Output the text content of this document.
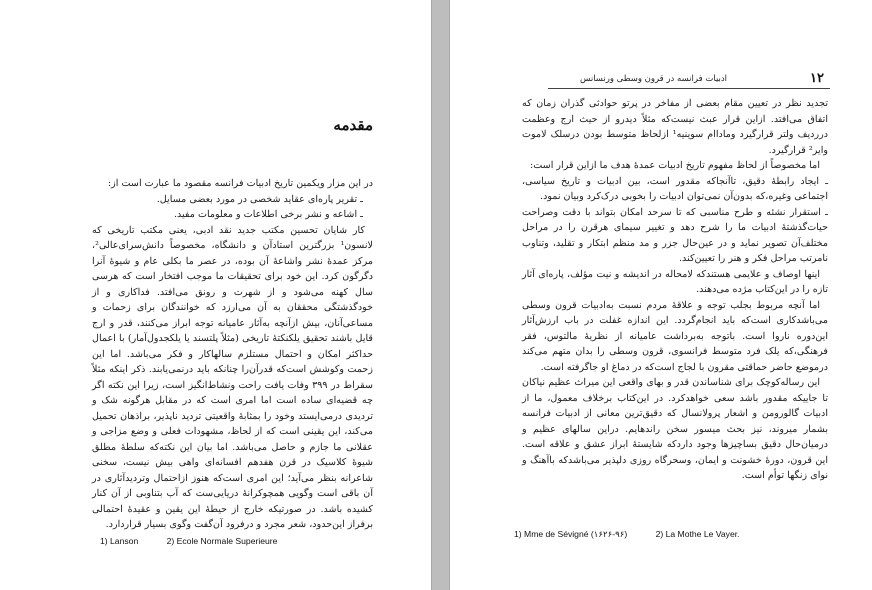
مقدمه

در این مزار ویکمین تاریخ ادبیات فرانسه مقصود ما عبارت است از:

ـ تقریر پاره‌ای عقاید شخصی در مورد بعضی مسایل.

ـ اشاعه و نشر برخی اطلاعات و معلومات مفید.

کار شایان تحسین مکتب جدید نقد ادبی، یعنی مکتب تاریخی که لانسون¹ بزرگترین استادآن و دانشگاه، مخصوصاً دانش‌سرای‌عالی²، مرکز عمدهٔ نشر واشاعهٔ آن بوده، در عصر ما بکلی عام و شیوهٔ آنرا دگرگون کرد. این خود برای تحقیقات ما موجب افتخار است که هرسی سال کهنه می‌شود و از شهرت و رونق می‌افتد. فداکاری و از خودگذشتگی محققان به آن می‌ارزد که خوانندگان برای زحمات و مساعی‌آنان، بیش ازآنچه به‌آثار عامیانه توجه ابراز می‌کنند، قدر و ارج قایل باشند تحقیق یلکنکتهٔ تاریخی (مثلاً پلتسند یا یلکجدول‌آمار) با اعمال حداکثر امکان و احتمال مستلزم سالهاکار و فکر می‌باشد. اما این زحمت وکوشش است‌که قدرآن‌را چنانکه باید درنمی‌یابند. ذکر اینکه مثلاً سقراط در ۳۹۹ وفات یافت راحت ونشاط‌انگیز است، زیرا این نکته اگر چه قضیه‌ای ساده است اما امری است که در مقابل هرگونه شک و تردیدی درمی‌ایستد وخود را بمثابهٔ واقعیتی تردید ناپذیر، براذهان تحمیل می‌کند، این یقینی است که از لحاظ، مشهودات فعلی و وضع مزاجی و عقلانی ما جازم و حاصل می‌باشد. اما بیان این نکته‌که سلطهٔ مطلق شیوهٔ کلاسیک در قرن هفدهم افسانه‌ای واهی بیش نیست، سخنی شاعرانه بنظر می‌آید؛ این امری است‌که هنوز ازاحتمال وتردیدآثاری در آن باقی است وگویی همچوکرانهٔ دریایی‌ست که آب بتناوبی از آن کنار کشیده باشد. در صورتیکه خارج از حیطهٔ این یقین و عقیدهٔ احتمالی برفراز این‌حدود، شعر مجرد و درفرود آن‌گفت وگوی بسیار قراردارد.

1) Lanson	2) Ecole Normale Superieure
۱۲
ادبیات فرانسه در قرون وسطی ورنسانس

تجدید نظر در تعیین مقام بعضی از مفاخر در پرتو حوادثی گذران زمان که اتفاق می‌افتد. ازاین قرار عبث نیست‌که مثلاً دیدرو از حیث ارج وعظمت درردیف ولتر قرارگیرد وماداام سوینیه¹ ازلحاظ متوسط بودن درسلک لاموت وایر² قرارگیرد.

اما مخصوصاً از لحاظ مفهوم تاریخ ادبیات عمدهٔ هدف ما ازاین قرار است:

ـ ایجاد رابطهٔ دقیق، تاآنجاکه مقدور است، بین ادبیات و تاریخ سیاسی، اجتماعی وغیره،که بدون‌آن نمی‌توان ادبیات را بخوبی درک‌کرد وبیان نمود.

ـ استقرار نشئه و طرح مناسبی که تا سرحد امکان بتواند با دقت وصراحت حیات‌گذشتهٔ ادبیات ما را شرح دهد و تغییر سیمای هرقرن را در مراحل مختلف‌آن تصویر نماید و در عین‌حال جزر و مد منظم ابتکار و تقلید، وتناوب نامرتب مراحل فکر و هنر را تعیین‌کند.

اینها اوصاف و علایمی هستند‌که لامحاله در اندیشه و نیت مؤلف، پاره‌ای آثار تازه را در این‌کتاب مژده می‌دهند.

اما آنچه مربوط بجلب توجه و علاقهٔ مردم نسبت به‌ادبیات قرون وسطی می‌باشد‌کاری است‌که باید انجام‌گردد. این اندازه غفلت در باب ارزش‌آثار این‌دوره ناروا است. باتوجه به‌برداشت عامیانه از نظریهٔ مالتوس، فقر فرهنگی،که یلک فرد متوسط فرانسوی، قرون وسطی را بدان متهم می‌کند درموضع حاضر حماقتی مقرون با لجاج است‌که در دماغ او جاگرفته است.

این رساله‌کوچک برای شناساندن قدر و بهای واقعی این میراث عظیم نیاکان تا جاییکه مقدور باشد سعی خواهدکرد. در این‌کتاب برخلاف معمول، ما از ادبیات گالورومن و اشعار پرولانسال که دقیق‌ترین معانی از ادبیات فرانسه بشمار میروند، نیز بحث میسور سخن راندهایم. دراین سالهای عظیم و درمیان‌حال دقیق بساچیزها وجود دارد‌که شایستهٔ ابراز عشق و علاقه است. این قرون، دورهٔ خشونت و ایمان، وسحرگاه روزی دلپذیر می‌باشد‌که با‌آهنگ و نوای زنگها توأم است.

1) Mme de Sévigné (۱۶۲۶-۹۶)	2) La Mothe Le Vayer.
